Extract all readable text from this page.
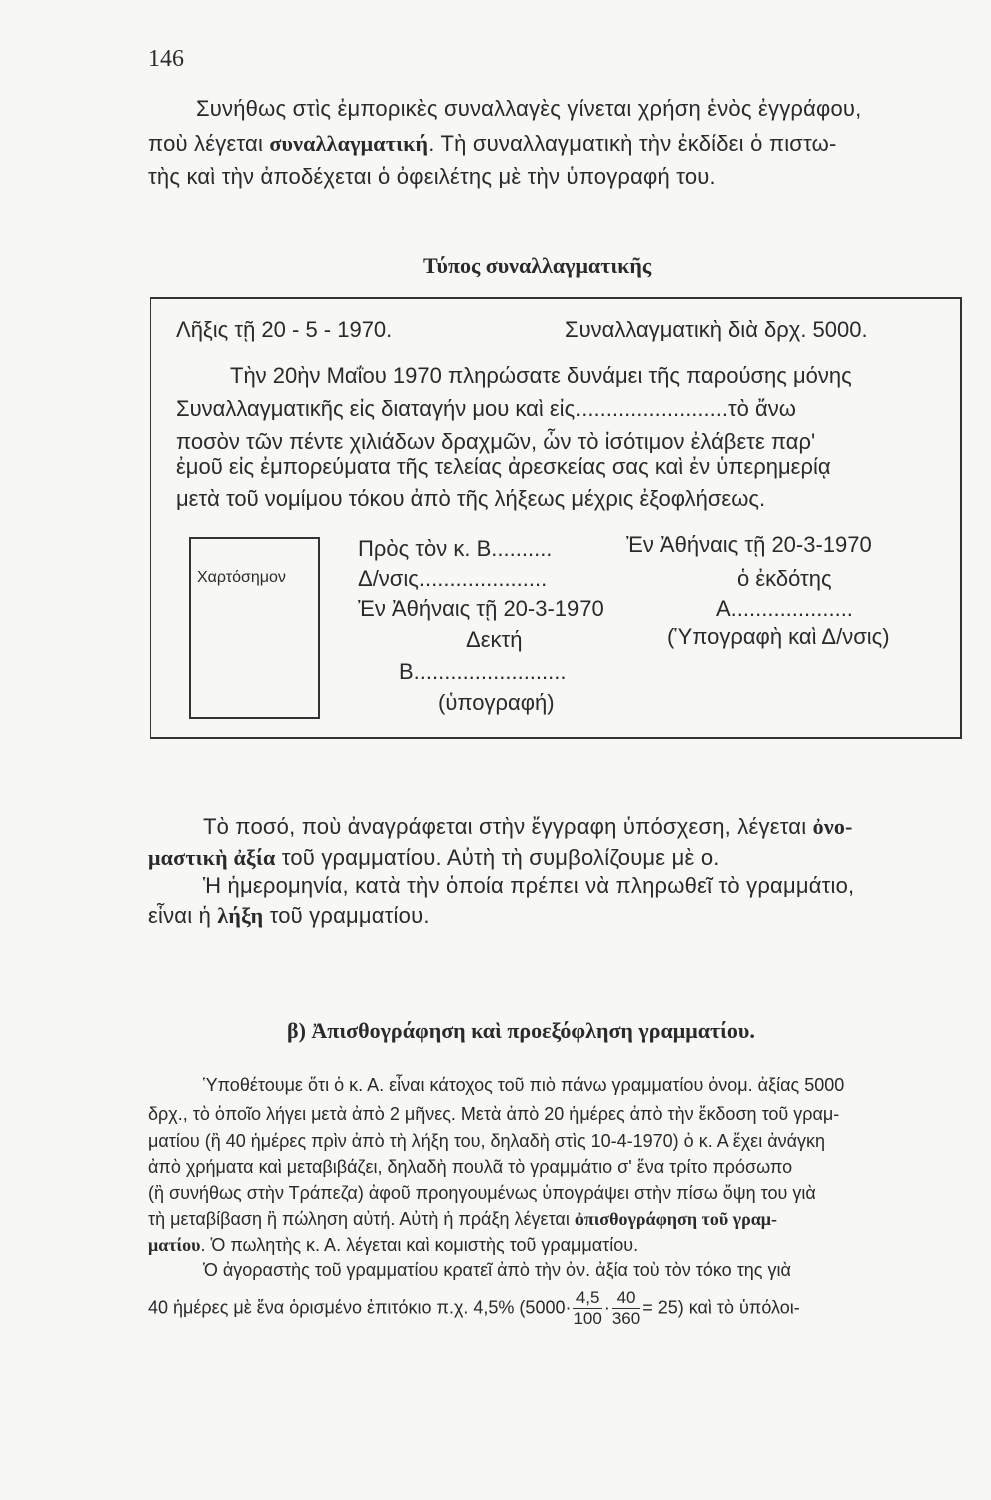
146
Συνήθως στὶς ἐμπορικὲς συναλλαγὲς γίνεται χρήση ἑνὸς ἐγγράφου,
ποὺ λέγεται συναλλαγματική. Τὴ συναλλαγματικὴ τὴν ἐκδίδει ὁ πιστω-
τὴς καὶ τὴν ἀποδέχεται ὁ ὀφειλέτης μὲ τὴν ὑπογραφή του.
Τύπος συναλλαγματικῆς
Λῆξις τῇ 20 - 5 - 1970.	Συναλλαγματικὴ διὰ δρχ. 5000.
Τὴν 20ὴν Μαΐου 1970 πληρώσατε δυνάμει τῆς παρούσης μόνης
Συναλλαγματικῆς εἰς διαταγήν μου καὶ εἰς.........................τὸ ἄνω
ποσὸν τῶν πέντε χιλιάδων δραχμῶν, ὧν τὸ ἰσότιμον ἐλάβετε παρ'
ἐμοῦ εἰς ἐμπορεύματα τῆς τελείας ἀρεσκείας σας καὶ ἐν ὑπερημερίᾳ
μετὰ τοῦ νομίμου τόκου ἀπὸ τῆς λήξεως μέχρις ἐξοφλήσεως.
Χαρτόσημον
Πρὸς τὸν κ. Β..........
Δ/νσις.....................
Ἐν Ἀθήναις τῇ 20-3-1970
Δεκτή
Β.........................
(ὑπογραφή)
Ἐν Ἀθήναις τῇ 20-3-1970
ὁ ἐκδότης
Α....................
(Ὑπογραφὴ καὶ Δ/νσις)
Τὸ ποσό, ποὺ ἀναγράφεται στὴν ἔγγραφη ὑπόσχεση, λέγεται ὀνο-
μαστικὴ ἀξία τοῦ γραμματίου. Αὐτὴ τὴ συμβολίζουμε μὲ ο.
Ἡ ἡμερομηνία, κατὰ τὴν ὁποία πρέπει νὰ πληρωθεῖ τὸ γραμμάτιο,
εἶναι ἡ λήξη τοῦ γραμματίου.
β) Ἀπισθογράφηση καὶ προεξόφληση γραμματίου.
Ὑποθέτουμε ὅτι ὁ κ. Α. εἶναι κάτοχος τοῦ πιὸ πάνω γραμματίου ὀνομ. ἀξίας 5000
δρχ., τὸ ὁποῖο λήγει μετὰ ἀπὸ 2 μῆνες. Μετὰ ἀπὸ 20 ἡμέρες ἀπὸ τὴν ἔκδοση τοῦ γραμ-
ματίου (ἢ 40 ἡμέρες πρὶν ἀπὸ τὴ λήξη του, δηλαδὴ στὶς 10-4-1970) ὁ κ. Α ἔχει ἀνάγκη
ἀπὸ χρήματα καὶ μεταβιβάζει, δηλαδὴ πουλᾶ τὸ γραμμάτιο σ' ἕνα τρίτο πρόσωπο
(ἢ συνήθως στὴν Τράπεζα) ἀφοῦ προηγουμένως ὑπογράψει στὴν πίσω ὄψη του γιὰ
τὴ μεταβίβαση ἢ πώληση αὐτή. Αὐτὴ ἡ πράξη λέγεται ὀπισθογράφηση τοῦ γραμ-
ματίου. Ὁ πωλητὴς κ. Α. λέγεται καὶ κομιστὴς τοῦ γραμματίου.
Ὁ ἀγοραστὴς τοῦ γραμματίου κρατεῖ ἀπὸ τὴν ὀν. ἀξία τοὺ τὸν τόκο της γιὰ
40 ἡμέρες μὲ ἕνα ὁρισμένο ἐπιτόκιο π.χ. 4,5% $(5000\cdot \frac{4,5}{100} \cdot \frac{40}{360} = 25)$ καὶ τὸ ὑπόλοι-
